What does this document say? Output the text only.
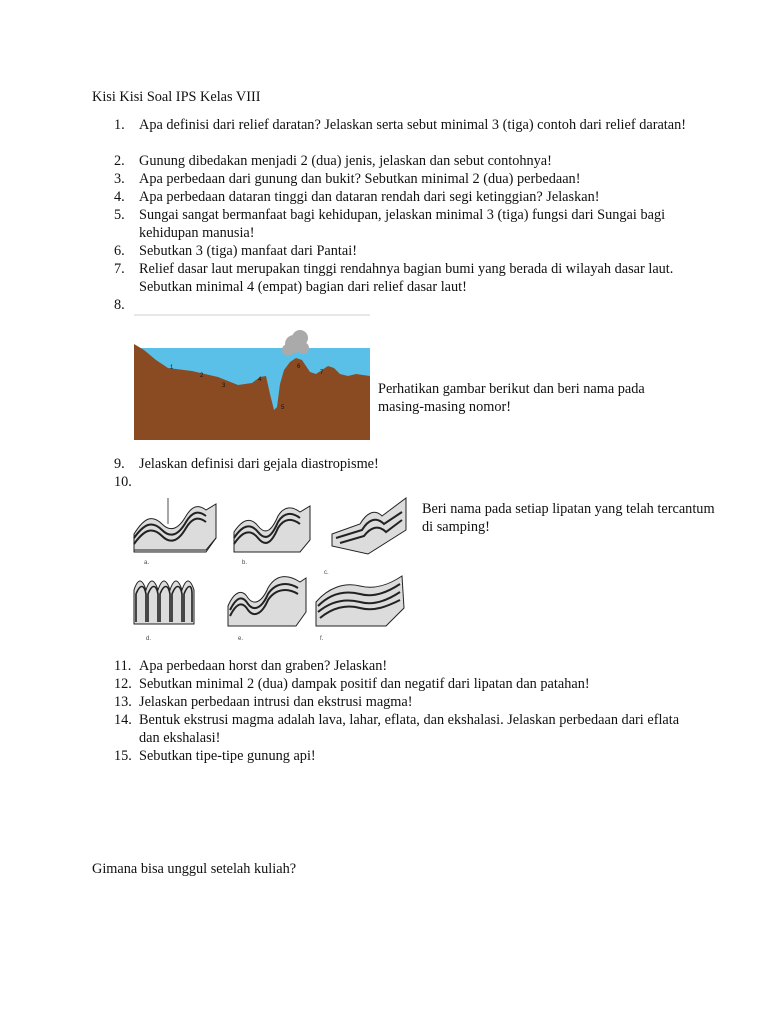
Kisi Kisi Soal IPS Kelas VIII
1. Apa definisi dari relief daratan? Jelaskan serta sebut minimal 3 (tiga) contoh dari relief daratan!
2. Gunung dibedakan menjadi 2 (dua) jenis, jelaskan dan sebut contohnya!
3. Apa perbedaan dari gunung dan bukit? Sebutkan minimal 2 (dua) perbedaan!
4. Apa perbedaan dataran tinggi dan dataran rendah dari segi ketinggian? Jelaskan!
5. Sungai sangat bermanfaat bagi kehidupan, jelaskan minimal 3 (tiga) fungsi dari Sungai bagi kehidupan manusia!
6. Sebutkan 3 (tiga) manfaat dari Pantai!
7. Relief dasar laut merupakan tinggi rendahnya bagian bumi yang berada di wilayah dasar laut. Sebutkan minimal 4 (empat) bagian dari relief dasar laut!
8.
1
2
3
4
5
6
7
Perhatikan gambar berikut dan beri nama pada masing-masing nomor!
9. Jelaskan definisi dari gejala diastropisme!
10.
a.	b.
c.
d.	e.	f.
Beri nama pada setiap lipatan yang telah tercantum di samping!
11. Apa perbedaan horst dan graben? Jelaskan!
12. Sebutkan minimal 2 (dua) dampak positif dan negatif dari lipatan dan patahan!
13. Jelaskan perbedaan intrusi dan ekstrusi magma!
14. Bentuk ekstrusi magma adalah lava, lahar, eflata, dan ekshalasi. Jelaskan perbedaan dari eflata dan ekshalasi!
15. Sebutkan tipe-tipe gunung api!
Gimana bisa unggul setelah kuliah?
